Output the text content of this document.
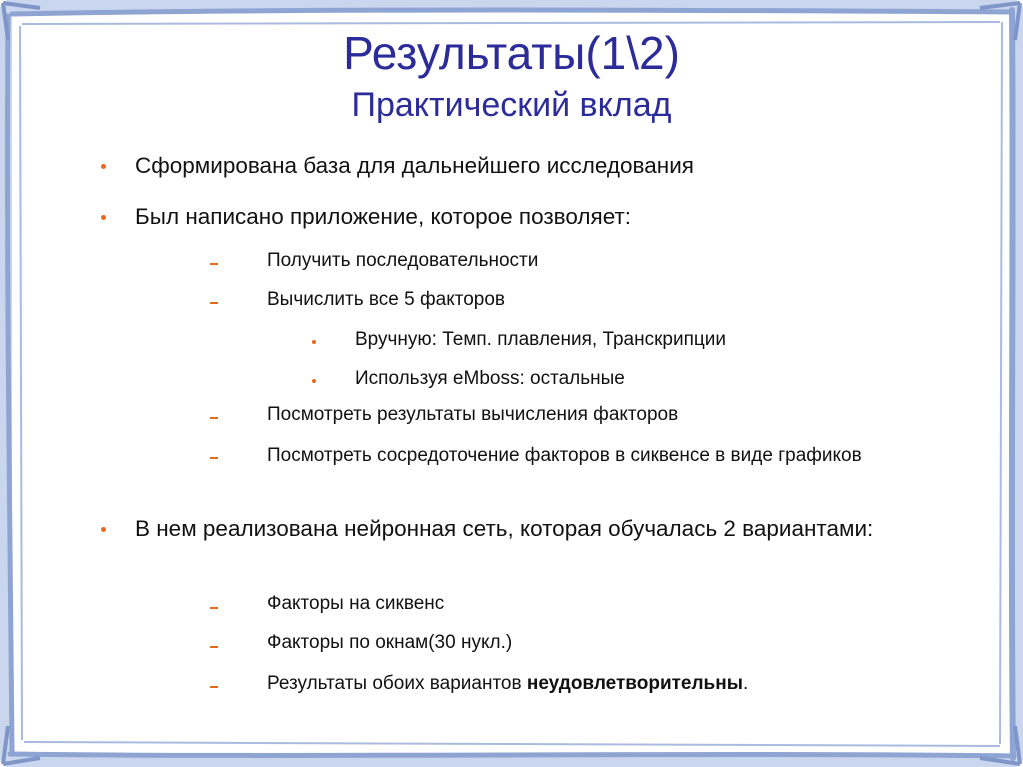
Результаты(1\2)
Практический вклад
Сформирована база для дальнейшего исследования
Был написано приложение, которое позволяет:
Получить последовательности
Вычислить все 5 факторов
Вручную: Темп. плавления, Транскрипции
Используя eMboss: остальные
Посмотреть результаты вычисления факторов
Посмотреть сосредоточение факторов в сиквенсе в виде графиков
В нем реализована нейронная сеть, которая обучалась 2 вариантами:
Факторы на сиквенс
Факторы по окнам(30 нукл.)
Результаты обоих вариантов неудовлетворительны.
